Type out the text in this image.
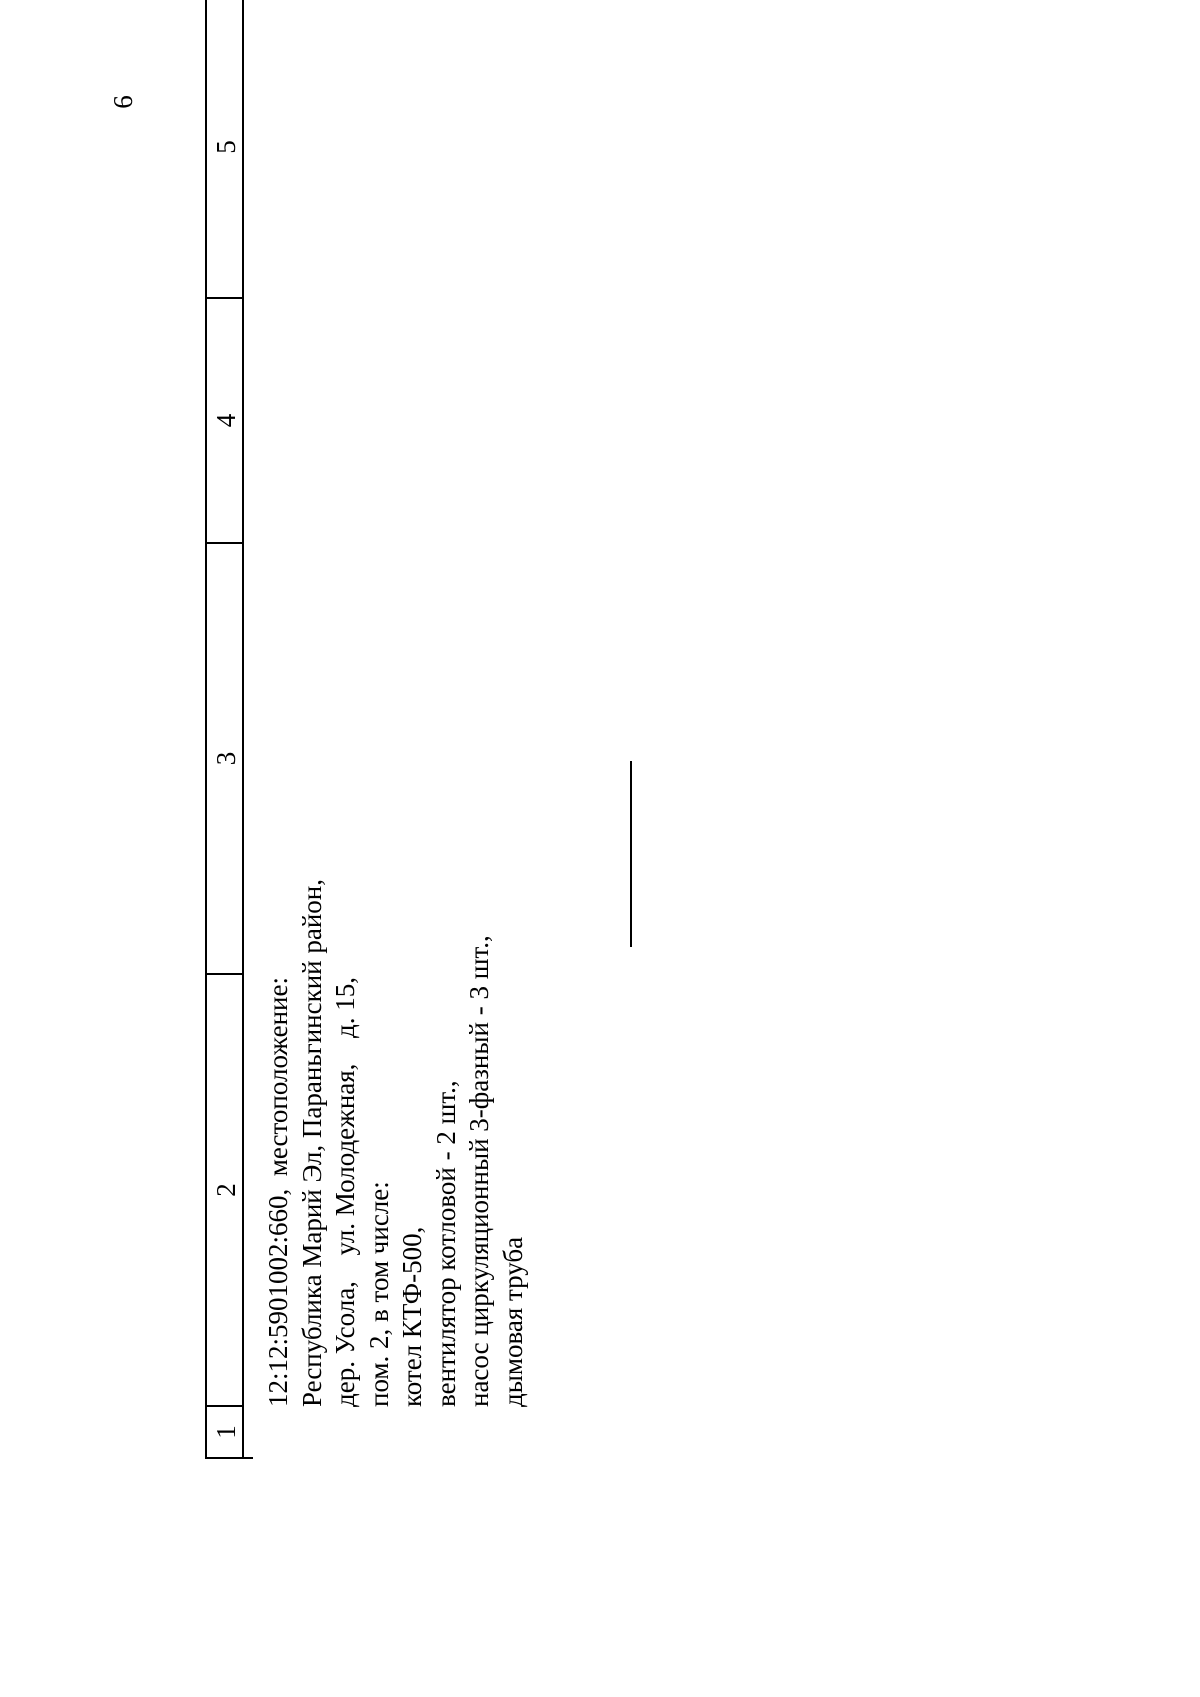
6
1
2
3
4
5
12:12:5901002:660,
местоположение: Республика Марий Эл, Параньгинский район, дер. Усола,
ул. Молодежная,
д. 15,
пом. 2, в том числе: котел КТФ-500, вентилятор котловой - 2 шт., насос циркуляционный 3-фазный - 3 шт., дымовая труба
